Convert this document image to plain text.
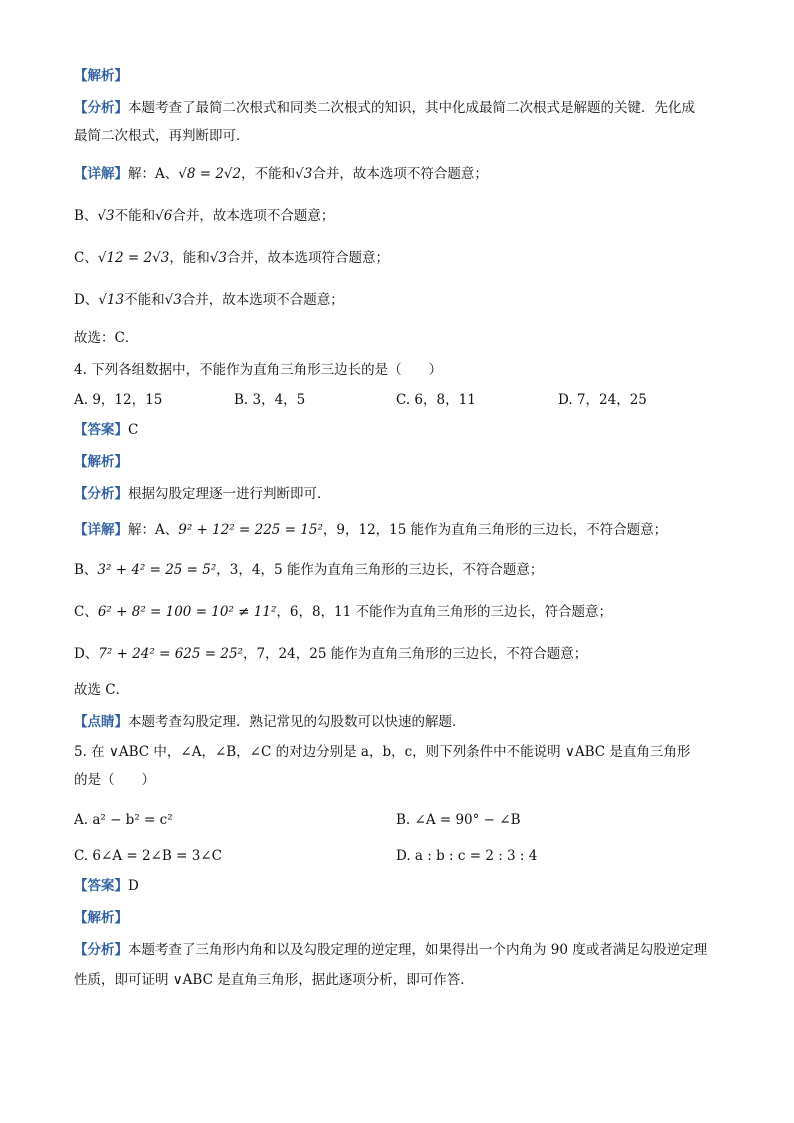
【解析】
【分析】本题考查了最简二次根式和同类二次根式的知识，其中化成最简二次根式是解题的关键．先化成
最简二次根式，再判断即可．
【详解】解：A、√8 = 2√2，不能和√3合并，故本选项不符合题意；
B、√3不能和√6合并，故本选项不合题意；
C、√12 = 2√3，能和√3合并，故本选项符合题意；
D、√13不能和√3合并，故本选项不合题意；
故选：C．
4. 下列各组数据中，不能作为直角三角形三边长的是（　　）
A. 9，12，15	B. 3，4，5	C. 6，8，11	D. 7，24，25
【答案】C
【解析】
【分析】根据勾股定理逐一进行判断即可．
【详解】解：A、9² + 12² = 225 = 15²，9，12，15 能作为直角三角形的三边长，不符合题意；
B、3² + 4² = 25 = 5²，3，4，5 能作为直角三角形的三边长，不符合题意；
C、6² + 8² = 100 = 10² ≠ 11²，6，8，11 不能作为直角三角形的三边长，符合题意；
D、7² + 24² = 625 = 25²，7，24，25 能作为直角三角形的三边长，不符合题意；
故选 C．
【点睛】本题考查勾股定理．熟记常见的勾股数可以快速的解题．
5. 在 ∨ABC 中，∠A，∠B，∠C 的对边分别是 a，b，c，则下列条件中不能说明 ∨ABC 是直角三角形
的是（　　）
A. a² − b² = c²	B. ∠A = 90° − ∠B
C. 6∠A = 2∠B = 3∠C	D. a : b : c = 2 : 3 : 4
【答案】D
【解析】
【分析】本题考查了三角形内角和以及勾股定理的逆定理，如果得出一个内角为 90 度或者满足勾股逆定理
性质，即可证明 ∨ABC 是直角三角形，据此逐项分析，即可作答．
